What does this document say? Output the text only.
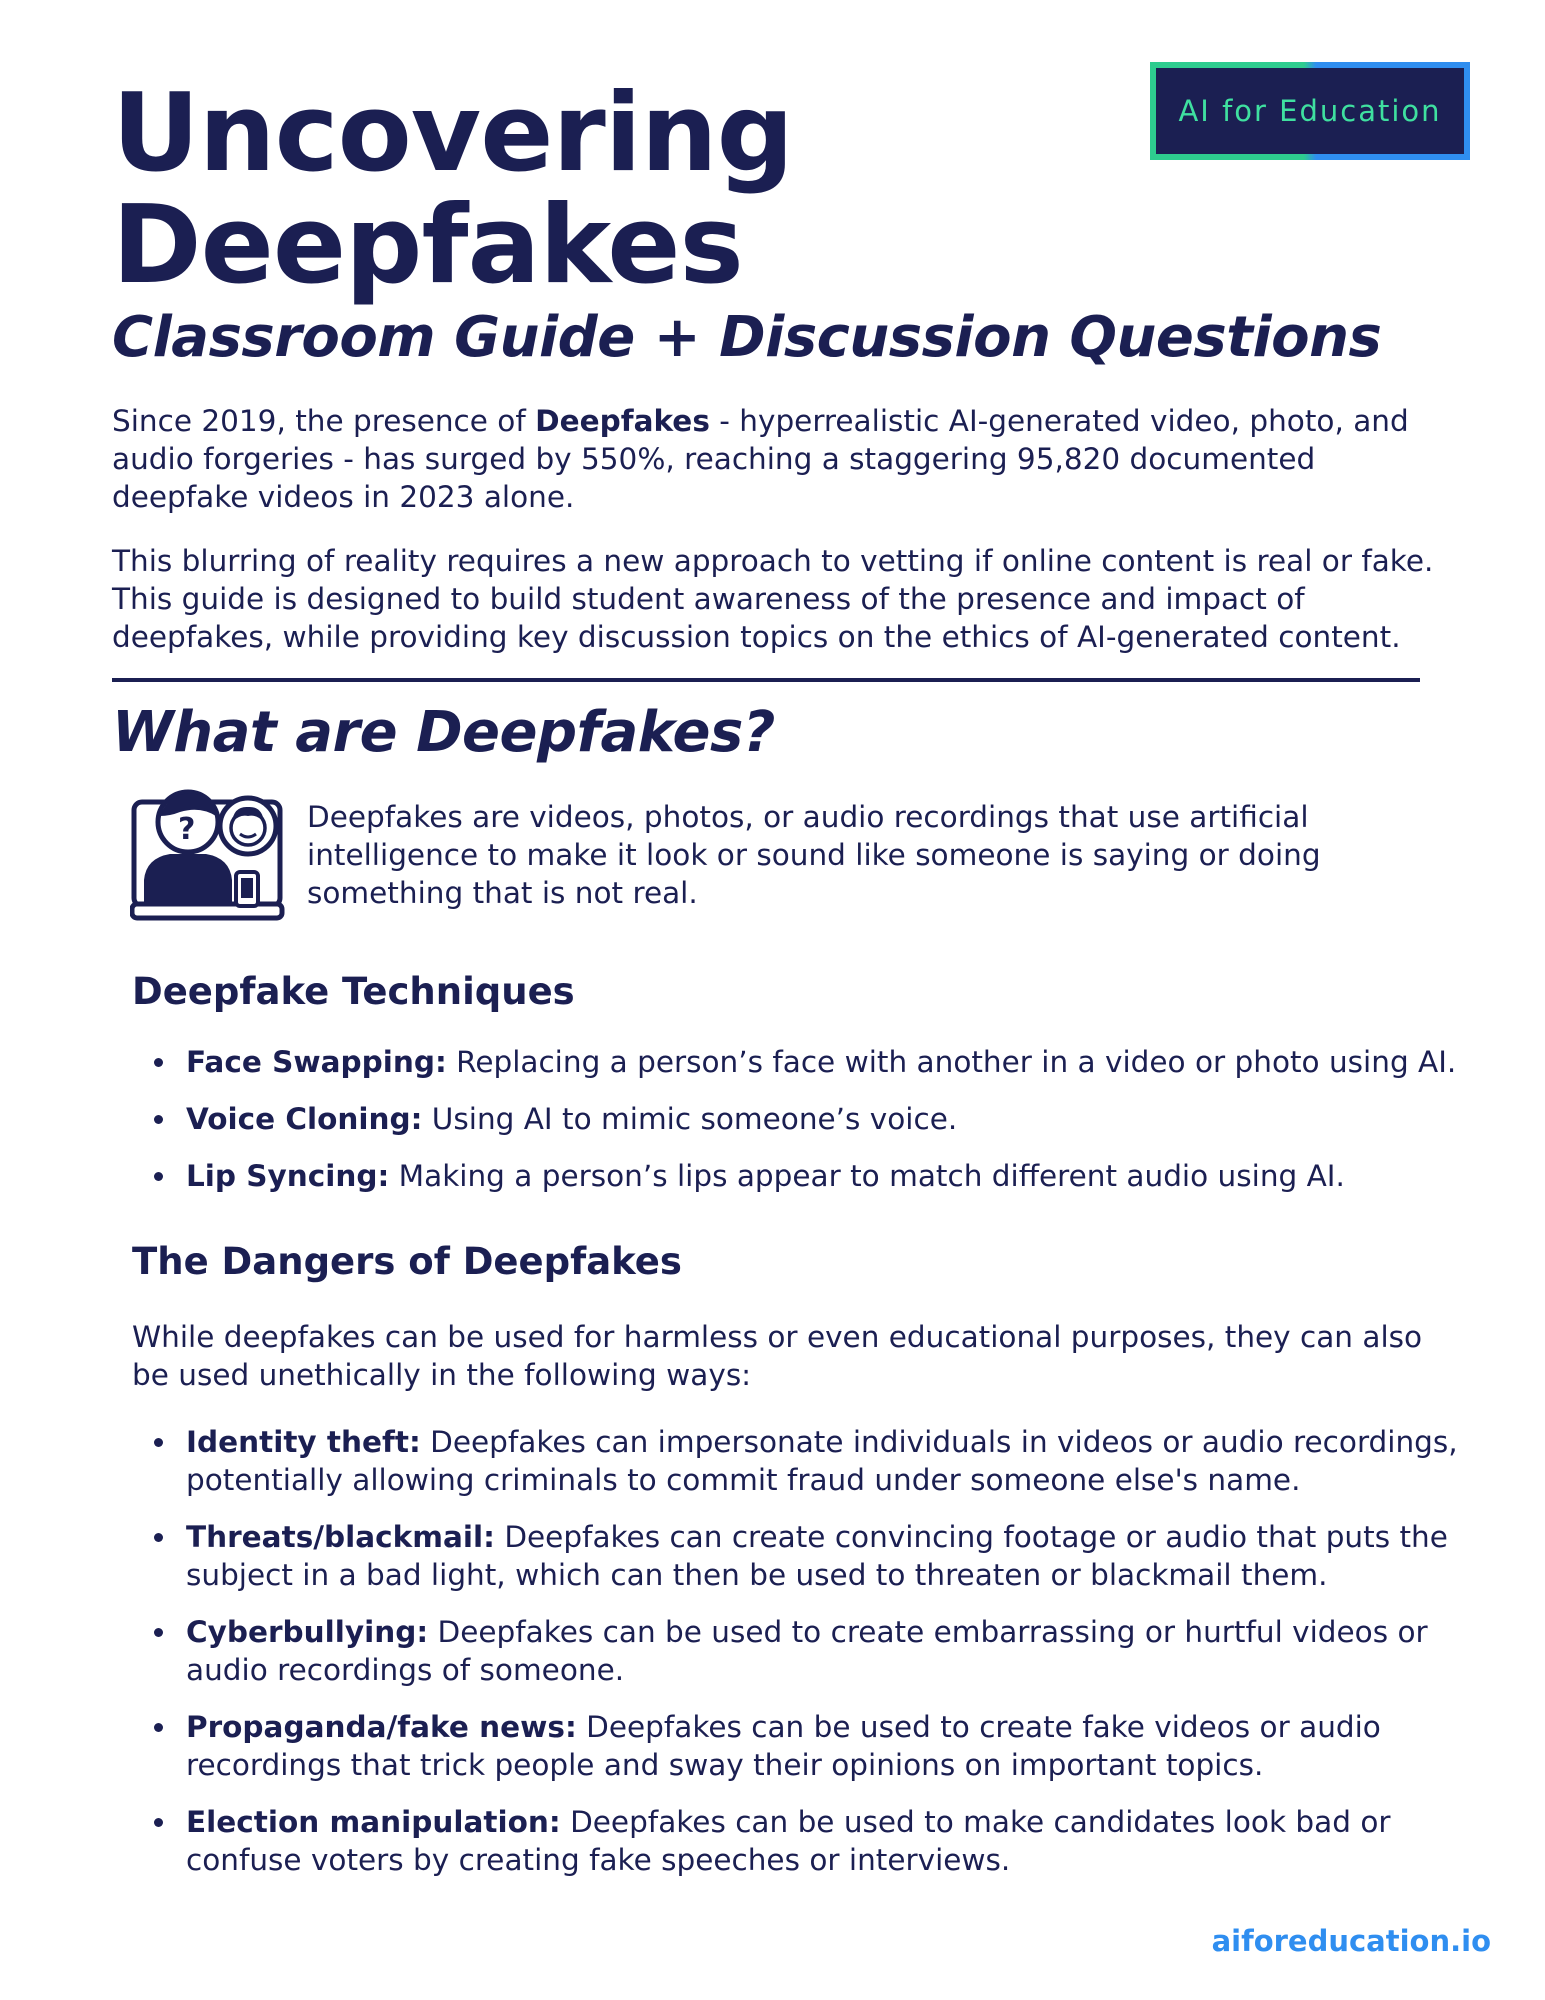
Uncovering
Deepfakes
AI for Education
Classroom Guide + Discussion Questions

Since 2019, the presence of Deepfakes - hyperrealistic AI-generated video, photo, and audio forgeries - has surged by 550%, reaching a staggering 95,820 documented deepfake videos in 2023 alone.

This blurring of reality requires a new approach to vetting if online content is real or fake. This guide is designed to build student awareness of the presence and impact of deepfakes, while providing key discussion topics on the ethics of AI-generated content.

What are Deepfakes?
?	Deepfakes are videos, photos, or audio recordings that use artificial intelligence to make it look or sound like someone is saying or doing something that is not real.

Deepfake Techniques
Face Swapping: Replacing a person’s face with another in a video or photo using AI.
Voice Cloning: Using AI to mimic someone’s voice.
Lip Syncing: Making a person’s lips appear to match different audio using AI.
The Dangers of Deepfakes

While deepfakes can be used for harmless or even educational purposes, they can also be used unethically in the following ways:

Identity theft: Deepfakes can impersonate individuals in videos or audio recordings, potentially allowing criminals to commit fraud under someone else's name.
Threats/blackmail: Deepfakes can create convincing footage or audio that puts the subject in a bad light, which can then be used to threaten or blackmail them.
Cyberbullying: Deepfakes can be used to create embarrassing or hurtful videos or audio recordings of someone.
Propaganda/fake news: Deepfakes can be used to create fake videos or audio recordings that trick people and sway their opinions on important topics.
Election manipulation: Deepfakes can be used to make candidates look bad or confuse voters by creating fake speeches or interviews.
aiforeducation.io
